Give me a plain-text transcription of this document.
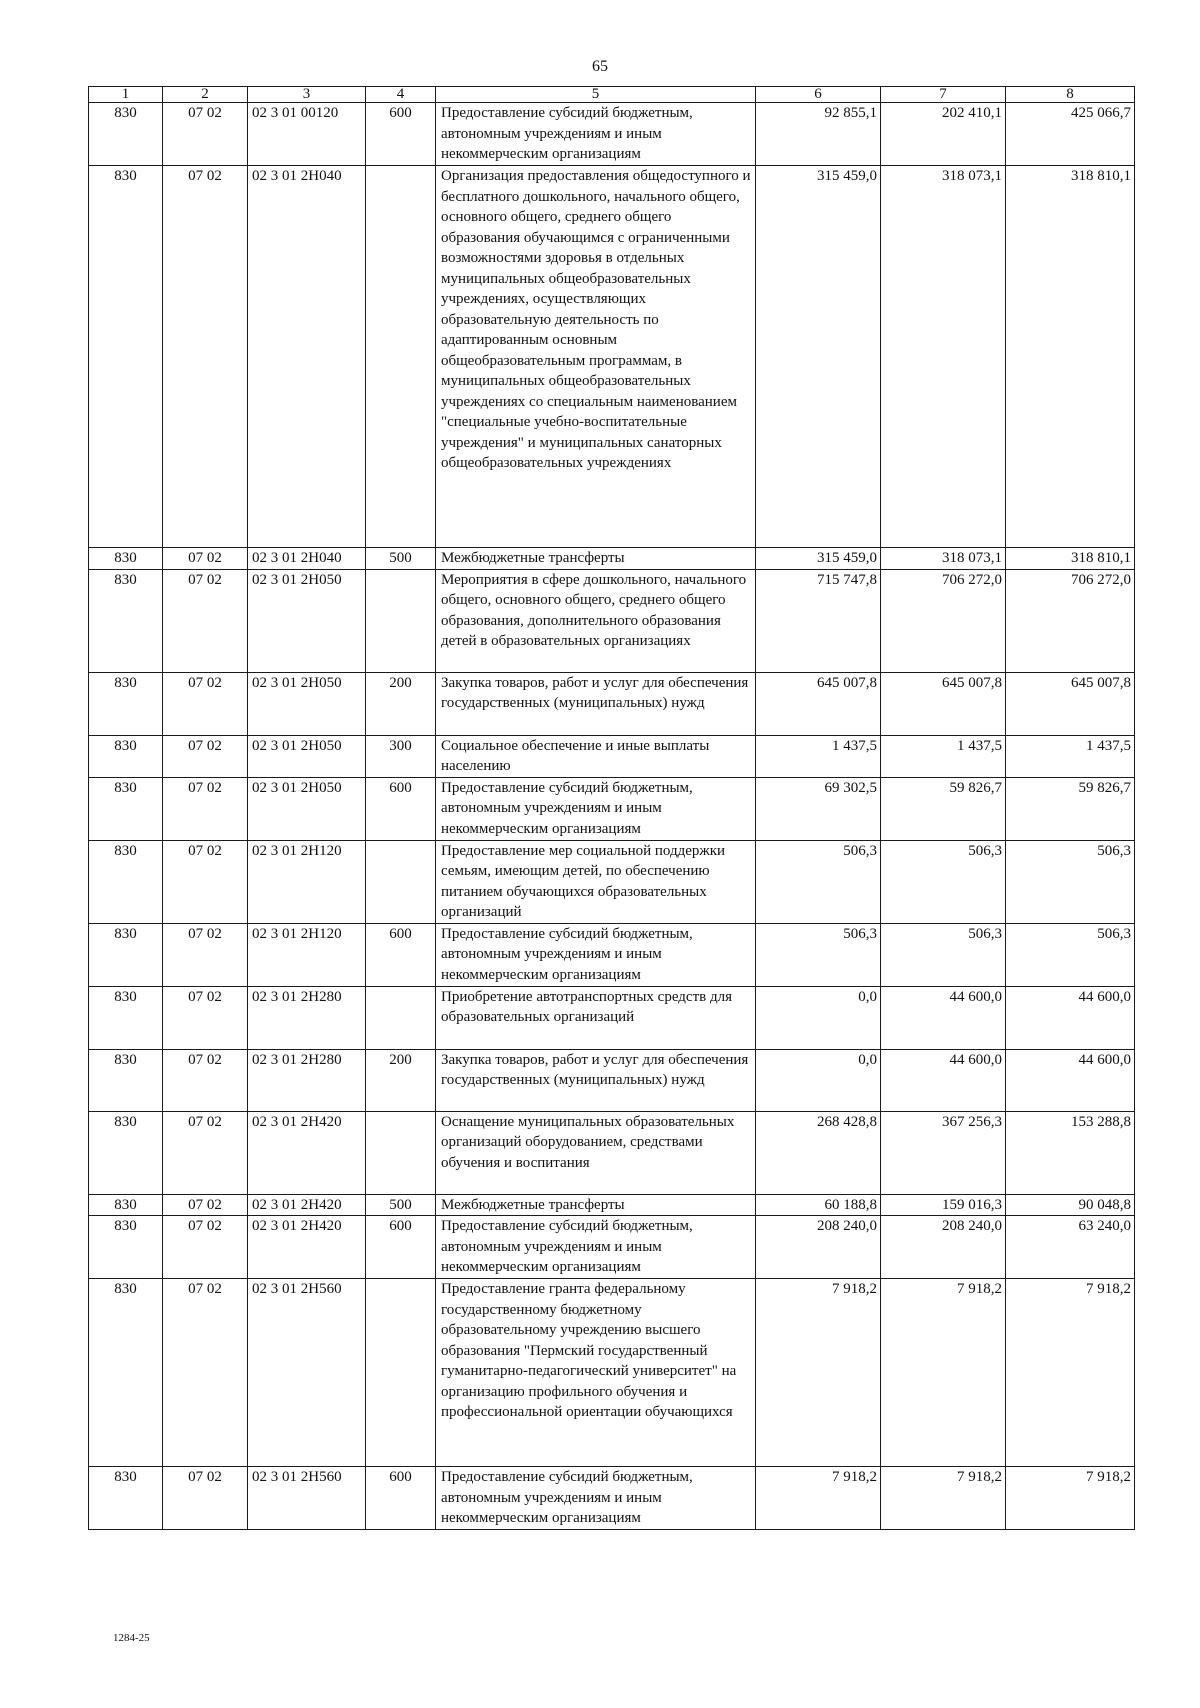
65
1	2	3	4	5	6	7	8
830	07 02	02 3 01 00120	600	Предоставление субсидий бюджетным, автономным учреждениям и иным некоммерческим организациям	92 855,1	202 410,1	425 066,7
830	07 02	02 3 01 2Н040		Организация предоставления общедоступного и бесплатного дошкольного, начального общего, основного общего, среднего общего образования обучающимся с ограниченными возможностями здоровья в отдельных муниципальных общеобразовательных учреждениях, осуществляющих образовательную деятельность по адаптированным основным общеобразовательным программам, в муниципальных общеобразовательных учреждениях со специальным наименованием "специальные учебно-воспитательные учреждения" и муниципальных санаторных общеобразовательных учреждениях	315 459,0	318 073,1	318 810,1
830	07 02	02 3 01 2Н040	500	Межбюджетные трансферты	315 459,0	318 073,1	318 810,1
830	07 02	02 3 01 2Н050		Мероприятия в сфере дошкольного, начального общего, основного общего, среднего общего образования, дополнительного образования детей в образовательных организациях	715 747,8	706 272,0	706 272,0
830	07 02	02 3 01 2Н050	200	Закупка товаров, работ и услуг для обеспечения государственных (муниципальных) нужд	645 007,8	645 007,8	645 007,8
830	07 02	02 3 01 2Н050	300	Социальное обеспечение и иные выплаты населению	1 437,5	1 437,5	1 437,5
830	07 02	02 3 01 2Н050	600	Предоставление субсидий бюджетным, автономным учреждениям и иным некоммерческим организациям	69 302,5	59 826,7	59 826,7
830	07 02	02 3 01 2Н120		Предоставление мер социальной поддержки семьям, имеющим детей, по обеспечению питанием обучающихся образовательных организаций	506,3	506,3	506,3
830	07 02	02 3 01 2Н120	600	Предоставление субсидий бюджетным, автономным учреждениям и иным некоммерческим организациям	506,3	506,3	506,3
830	07 02	02 3 01 2Н280		Приобретение автотранспортных средств для образовательных организаций	0,0	44 600,0	44 600,0
830	07 02	02 3 01 2Н280	200	Закупка товаров, работ и услуг для обеспечения государственных (муниципальных) нужд	0,0	44 600,0	44 600,0
830	07 02	02 3 01 2Н420		Оснащение муниципальных образовательных организаций оборудованием, средствами обучения и воспитания	268 428,8	367 256,3	153 288,8
830	07 02	02 3 01 2Н420	500	Межбюджетные трансферты	60 188,8	159 016,3	90 048,8
830	07 02	02 3 01 2Н420	600	Предоставление субсидий бюджетным, автономным учреждениям и иным некоммерческим организациям	208 240,0	208 240,0	63 240,0
830	07 02	02 3 01 2Н560		Предоставление гранта федеральному государственному бюджетному образовательному учреждению высшего образования "Пермский государственный гуманитарно-педагогический университет" на организацию профильного обучения и профессиональной ориентации обучающихся	7 918,2	7 918,2	7 918,2
830	07 02	02 3 01 2Н560	600	Предоставление субсидий бюджетным, автономным учреждениям и иным некоммерческим организациям	7 918,2	7 918,2	7 918,2
1284-25
